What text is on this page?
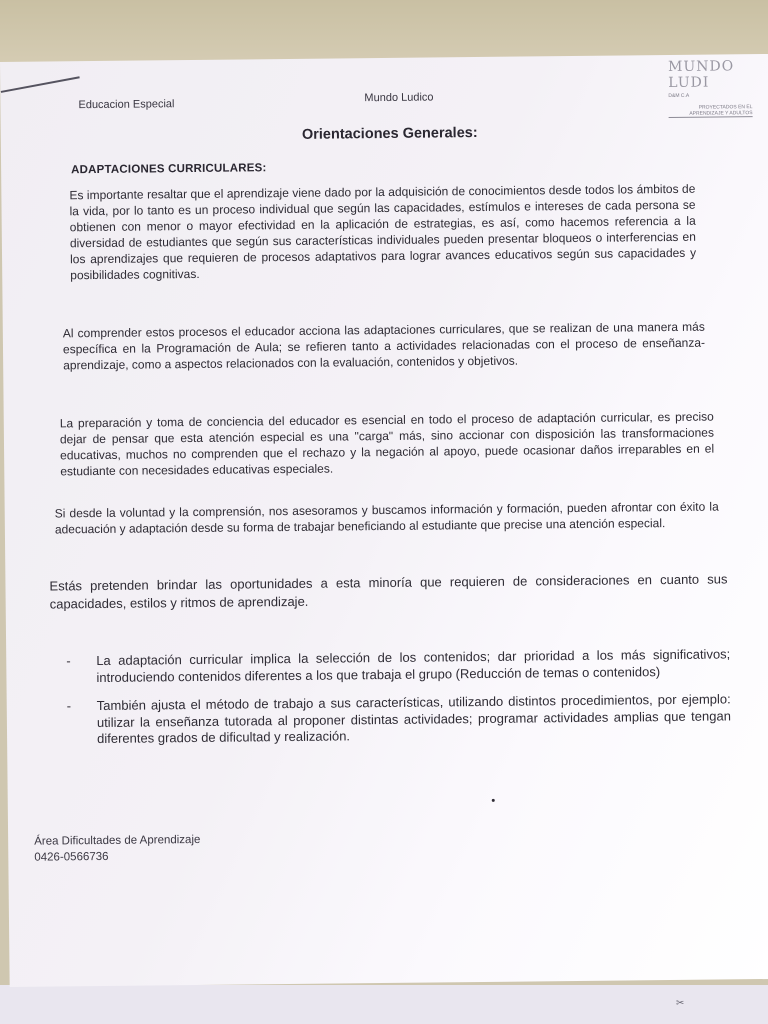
Educacion Especial
Mundo Ludico
MUNDO LUDI
D&M C.A
PROYECTADOS EN EL APRENDIZAJE Y ADULTOS
Orientaciones Generales:
ADAPTACIONES CURRICULARES:
Es importante resaltar que el aprendizaje viene dado por la adquisición de conocimientos desde todos los ámbitos de la vida, por lo tanto es un proceso individual que según las capacidades, estímulos e intereses de cada persona se obtienen con menor o mayor efectividad en la aplicación de estrategias, es así, como hacemos referencia a la diversidad de estudiantes que según sus características individuales pueden presentar bloqueos o interferencias en los aprendizajes que requieren de procesos adaptativos para lograr avances educativos según sus capacidades y posibilidades cognitivas.
Al comprender estos procesos el educador acciona las adaptaciones curriculares, que se realizan de una manera más específica en la Programación de Aula; se refieren tanto a actividades relacionadas con el proceso de enseñanza-aprendizaje, como a aspectos relacionados con la evaluación, contenidos y objetivos.
La preparación y toma de conciencia del educador es esencial en todo el proceso de adaptación curricular, es preciso dejar de pensar que esta atención especial es una "carga" más, sino accionar con disposición las transformaciones educativas, muchos no comprenden que el rechazo y la negación al apoyo, puede ocasionar daños irreparables en el estudiante con necesidades educativas especiales.
Si desde la voluntad y la comprensión, nos asesoramos y buscamos información y formación, pueden afrontar con éxito la adecuación y adaptación desde su forma de trabajar beneficiando al estudiante que precise una atención especial.
Estás pretenden brindar las oportunidades a esta minoría que requieren de consideraciones en cuanto sus capacidades, estilos y ritmos de aprendizaje.
-	La adaptación curricular implica la selección de los contenidos; dar prioridad a los más significativos; introduciendo contenidos diferentes a los que trabaja el grupo (Reducción de temas o contenidos)
-	También ajusta el método de trabajo a sus características, utilizando distintos procedimientos, por ejemplo: utilizar la enseñanza tutorada al proponer distintas actividades; programar actividades amplias que tengan diferentes grados de dificultad y realización.
Área Dificultades de Aprendizaje
0426-0566736
✂
